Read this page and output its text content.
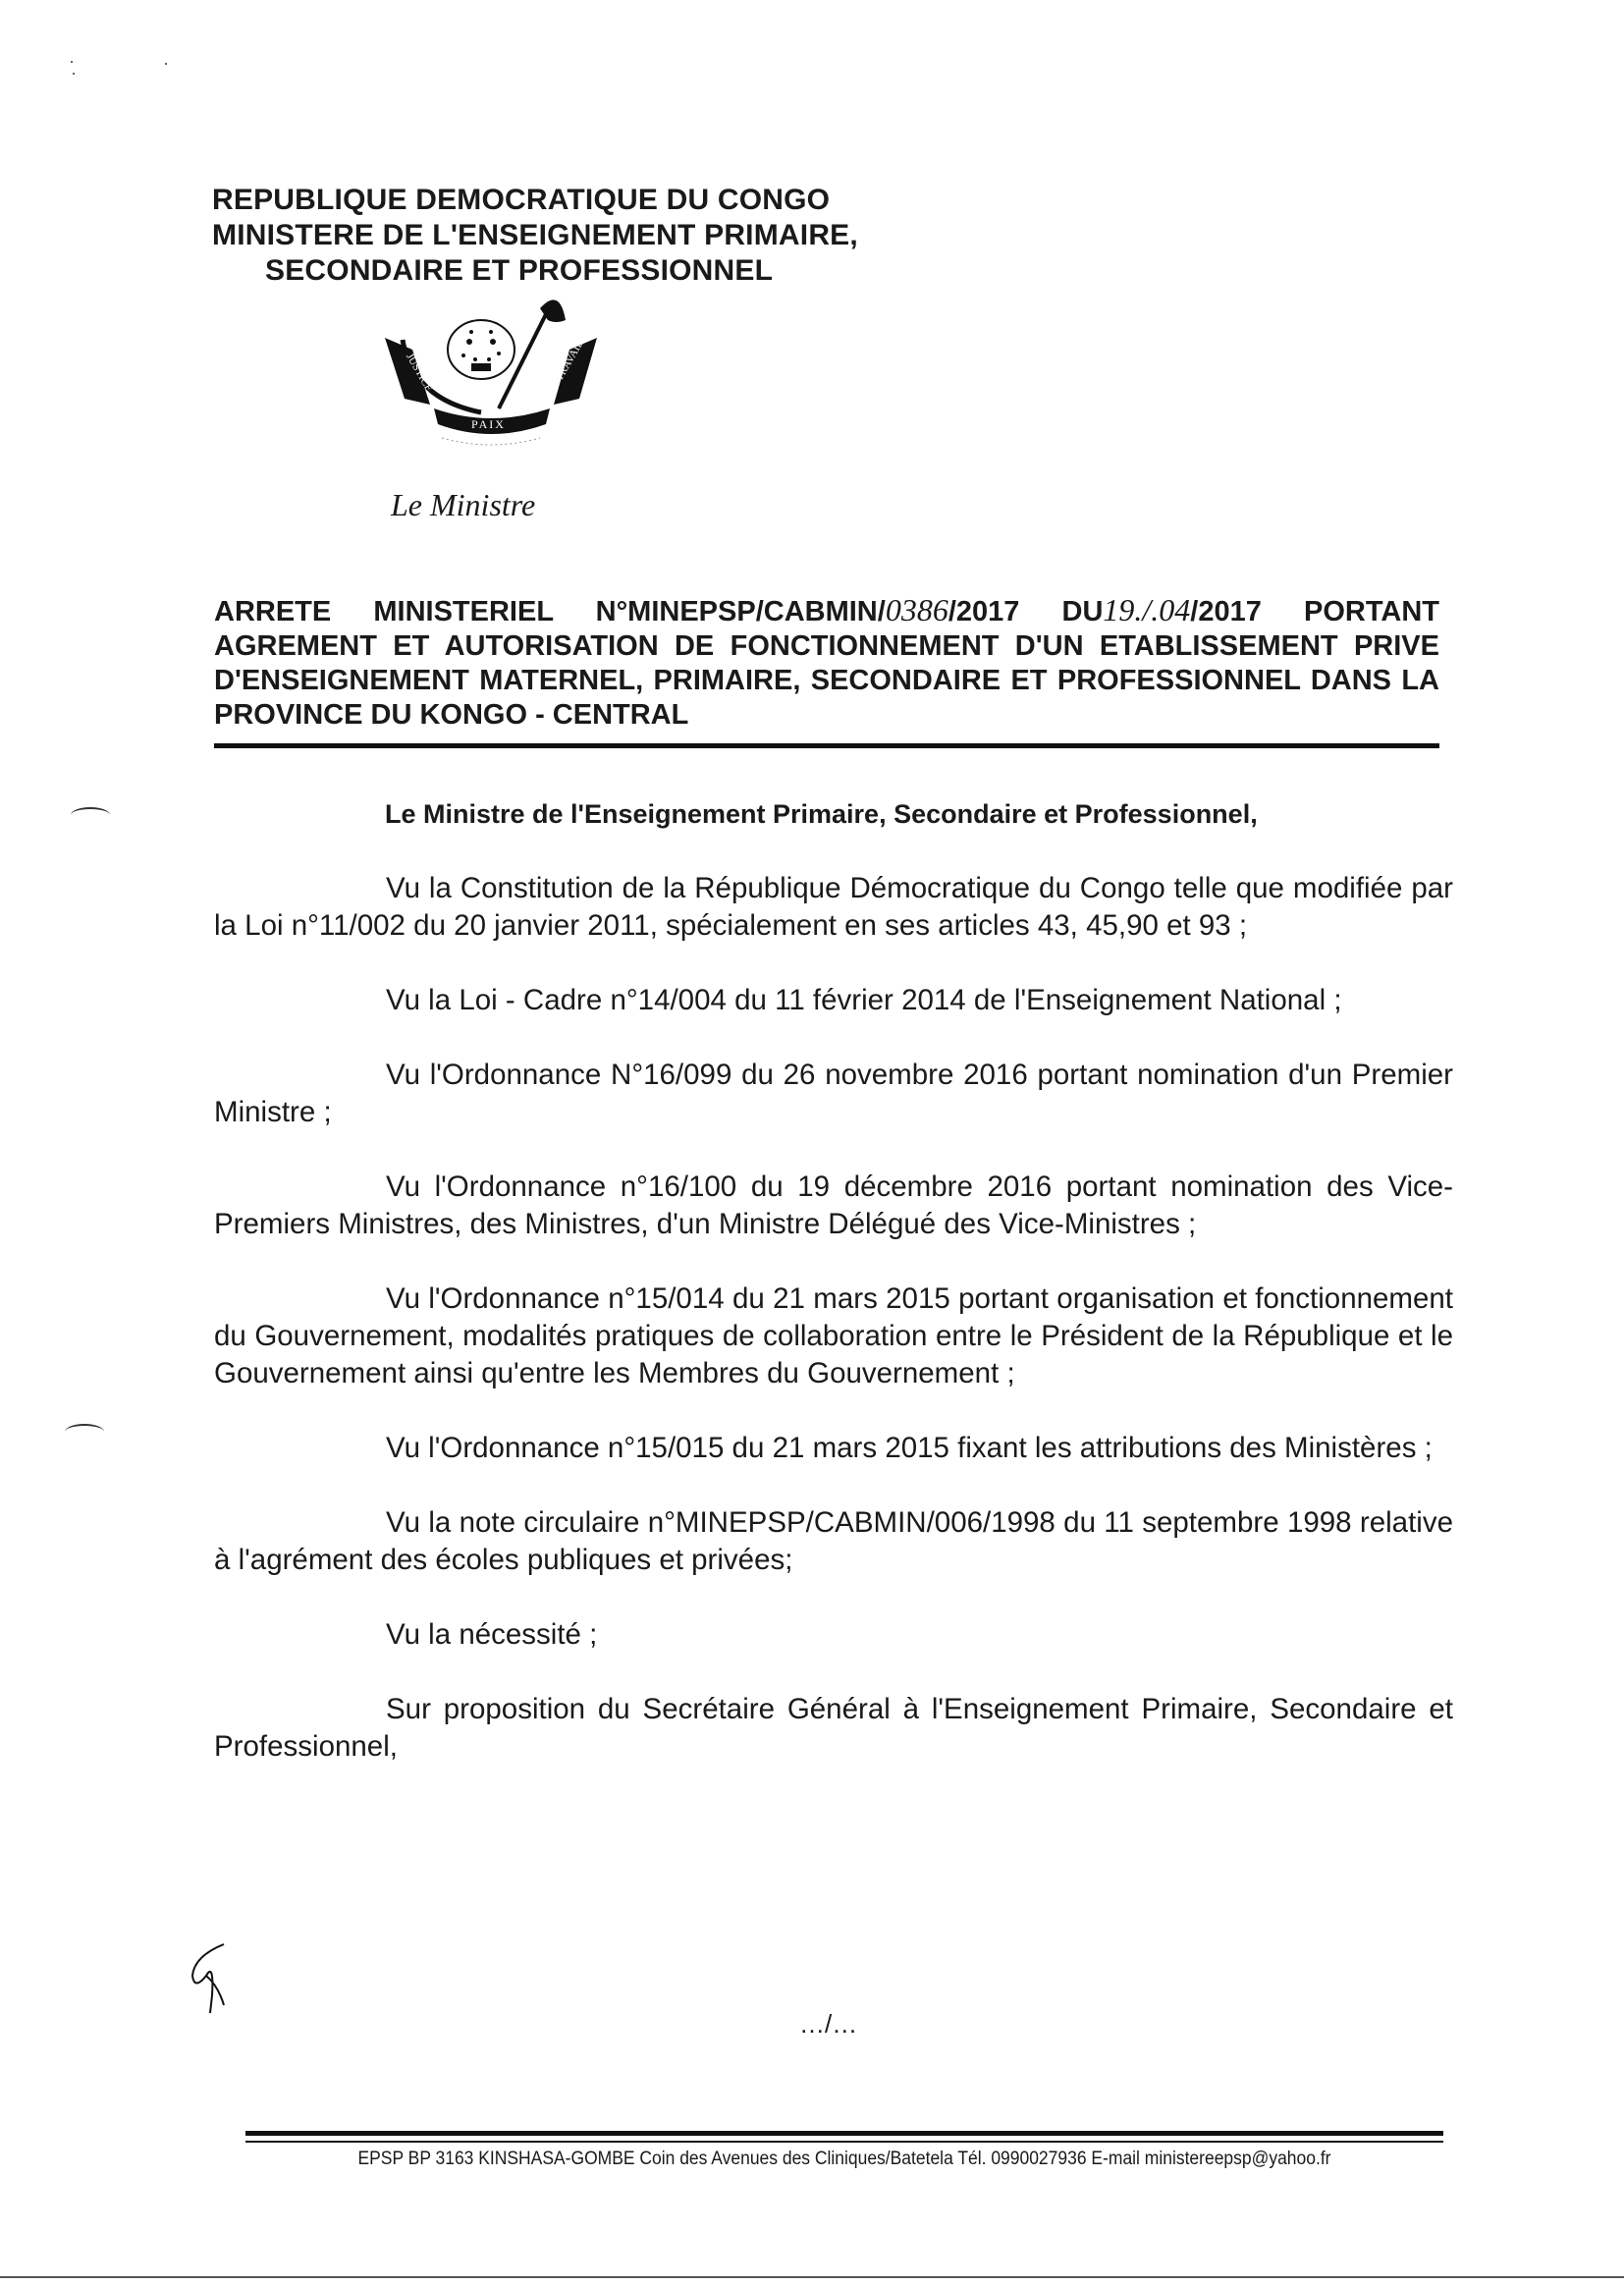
REPUBLIQUE DEMOCRATIQUE DU CONGO
MINISTERE DE L'ENSEIGNEMENT PRIMAIRE,
SECONDAIRE ET PROFESSIONNEL
JUSTICE	TRAVAIL
PAIX
Le Ministre
ARRETE MINISTERIEL N°MINEPSP/CABMIN/0386/2017 DU19./.04/2017 PORTANT AGREMENT ET AUTORISATION DE FONCTIONNEMENT D'UN ETABLISSEMENT PRIVE D'ENSEIGNEMENT MATERNEL, PRIMAIRE, SECONDAIRE ET PROFESSIONNEL DANS LA PROVINCE DU KONGO - CENTRAL
Le Ministre de l'Enseignement Primaire, Secondaire et Professionnel,

Vu la Constitution de la République Démocratique du Congo telle que modifiée par la Loi n°11/002 du 20 janvier 2011, spécialement en ses articles 43, 45,90 et 93 ;

Vu la Loi - Cadre n°14/004 du 11 février 2014 de l'Enseignement National ;

Vu l'Ordonnance N°16/099 du 26 novembre 2016 portant nomination d'un Premier Ministre ;

Vu l'Ordonnance n°16/100 du 19 décembre 2016 portant nomination des Vice-Premiers Ministres, des Ministres, d'un Ministre Délégué des Vice-Ministres ;

Vu l'Ordonnance n°15/014 du 21 mars 2015 portant organisation et fonctionnement du Gouvernement, modalités pratiques de collaboration entre le Président de la République et le Gouvernement ainsi qu'entre les Membres du Gouvernement ;

Vu l'Ordonnance n°15/015 du 21 mars 2015 fixant les attributions des Ministères ;

Vu la note circulaire n°MINEPSP/CABMIN/006/1998 du 11 septembre 1998 relative à l'agrément des écoles publiques et privées;

Vu la nécessité ;

Sur proposition du Secrétaire Général à l'Enseignement Primaire, Secondaire et Professionnel,

…/…
EPSP BP 3163 KINSHASA-GOMBE Coin des Avenues des Cliniques/Batetela Tél. 0990027936 E-mail ministereepsp@yahoo.fr
